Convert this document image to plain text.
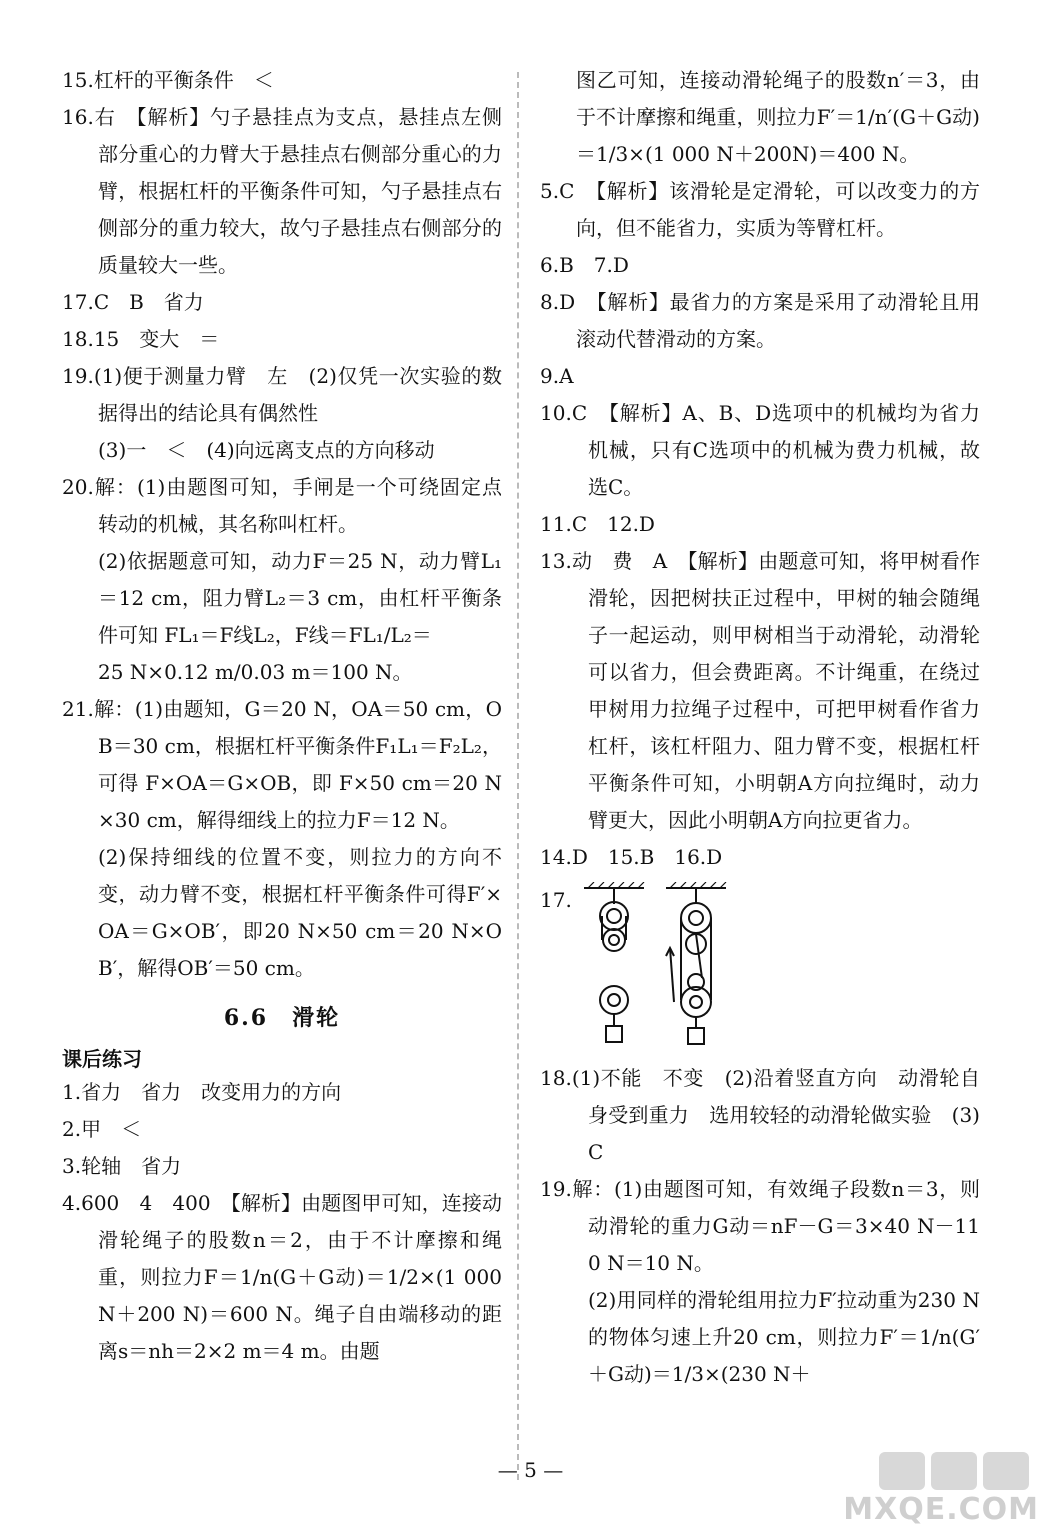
15.杠杆的平衡条件　＜

16.右　【解析】勺子悬挂点为支点，悬挂点左侧部分重心的力臂大于悬挂点右侧部分重心的力臂，根据杠杆的平衡条件可知，勺子悬挂点右侧部分的重力较大，故勺子悬挂点右侧部分的质量较大一些。

17.C　B　省力

18.15　变大　＝

19.(1)便于测量力臂　左　(2)仅凭一次实验的数据得出的结论具有偶然性

(3)一　＜　(4)向远离支点的方向移动

20.解：(1)由题图可知，手闸是一个可绕固定点转动的机械，其名称叫杠杆。

(2)依据题意可知，动力F＝25 N，动力臂L₁＝12 cm，阻力臂L₂＝3 cm，由杠杆平衡条件可知 FL₁＝F线L₂，F线＝FL₁/L₂＝

25 N×0.12 m/0.03 m＝100 N。

21.解：(1)由题知，G＝20 N，OA＝50 cm，OB＝30 cm，根据杠杆平衡条件F₁L₁＝F₂L₂，可得 F×OA＝G×OB，即 F×50 cm＝20 N×30 cm，解得细线上的拉力F＝12 N。

(2)保持细线的位置不变，则拉力的方向不变，动力臂不变，根据杠杆平衡条件可得F′×OA＝G×OB′，即20 N×50 cm＝20 N×OB′，解得OB′＝50 cm。

6.6　 滑轮

课后练习

1.省力　省力　改变用力的方向

2.甲　＜

3.轮轴　省力

4.600　4　400　【解析】由题图甲可知，连接动滑轮绳子的股数n＝2，由于不计摩擦和绳重，则拉力F＝1/n(G＋G动)＝1/2×(1 000 N＋200 N)＝600 N。绳子自由端移动的距离s＝nh＝2×2 m＝4 m。由题

图乙可知，连接动滑轮绳子的股数n′＝3，由于不计摩擦和绳重，则拉力F′＝1/n′(G＋G动)＝1/3×(1 000 N＋200N)＝400 N。

5.C　【解析】该滑轮是定滑轮，可以改变力的方向，但不能省力，实质为等臂杠杆。

6.B　7.D

8.D　【解析】最省力的方案是采用了动滑轮且用滚动代替滑动的方案。

9.A

10.C　【解析】A、B、D选项中的机械均为省力机械，只有C选项中的机械为费力机械，故选C。

11.C　12.D

13.动　费　A　【解析】由题意可知，将甲树看作滑轮，因把树扶正过程中，甲树的轴会随绳子一起运动，则甲树相当于动滑轮，动滑轮可以省力，但会费距离。不计绳重，在绕过甲树用力拉绳子过程中，可把甲树看作省力杠杆，该杠杆阻力、阻力臂不变，根据杠杆平衡条件可知，小明朝A方向拉绳时，动力臂更大，因此小明朝A方向拉更省力。

14.D　15.B　16.D

17.

18.(1)不能　不变　(2)沿着竖直方向　动滑轮自身受到重力　选用较轻的动滑轮做实验　(3)C

19.解：(1)由题图可知，有效绳子段数n＝3，则动滑轮的重力G动＝nF－G＝3×40 N－110 N＝10 N。

(2)用同样的滑轮组用拉力F′拉动重为230 N的物体匀速上升20 cm，则拉力F′＝1/n(G′＋G动)＝1/3×(230 N＋

— 5 —
MXQE.COM
